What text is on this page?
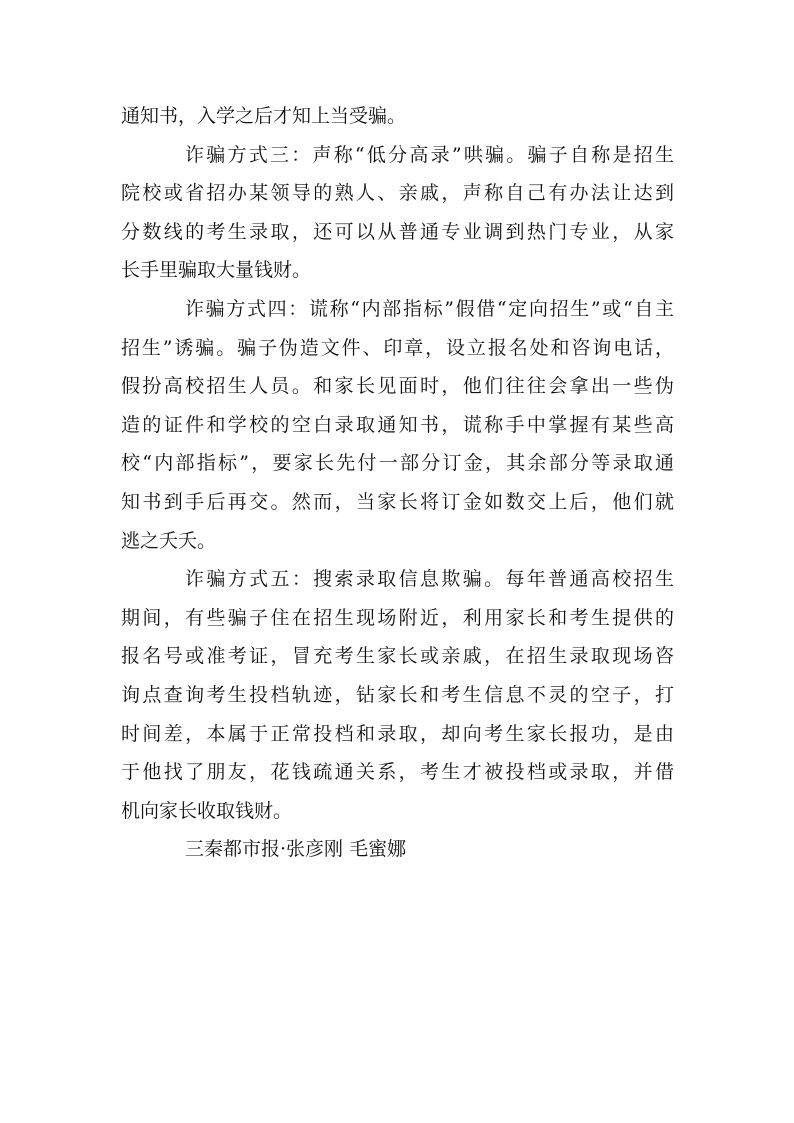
通知书，入学之后才知上当受骗。
诈骗方式三：声称“低分高录”哄骗。骗子自称是招生
院校或省招办某领导的熟人、亲戚，声称自己有办法让达到
分数线的考生录取，还可以从普通专业调到热门专业，从家
长手里骗取大量钱财。
诈骗方式四：谎称“内部指标”假借“定向招生”或“自主
招生”诱骗。骗子伪造文件、印章，设立报名处和咨询电话，
假扮高校招生人员。和家长见面时，他们往往会拿出一些伪
造的证件和学校的空白录取通知书，谎称手中掌握有某些高
校“内部指标”，要家长先付一部分订金，其余部分等录取通
知书到手后再交。然而，当家长将订金如数交上后，他们就
逃之夭夭。
诈骗方式五：搜索录取信息欺骗。每年普通高校招生
期间，有些骗子住在招生现场附近，利用家长和考生提供的
报名号或准考证，冒充考生家长或亲戚，在招生录取现场咨
询点查询考生投档轨迹，钻家长和考生信息不灵的空子，打
时间差，本属于正常投档和录取，却向考生家长报功，是由
于他找了朋友，花钱疏通关系，考生才被投档或录取，并借
机向家长收取钱财。
三秦都市报·张彦刚 毛蜜娜
